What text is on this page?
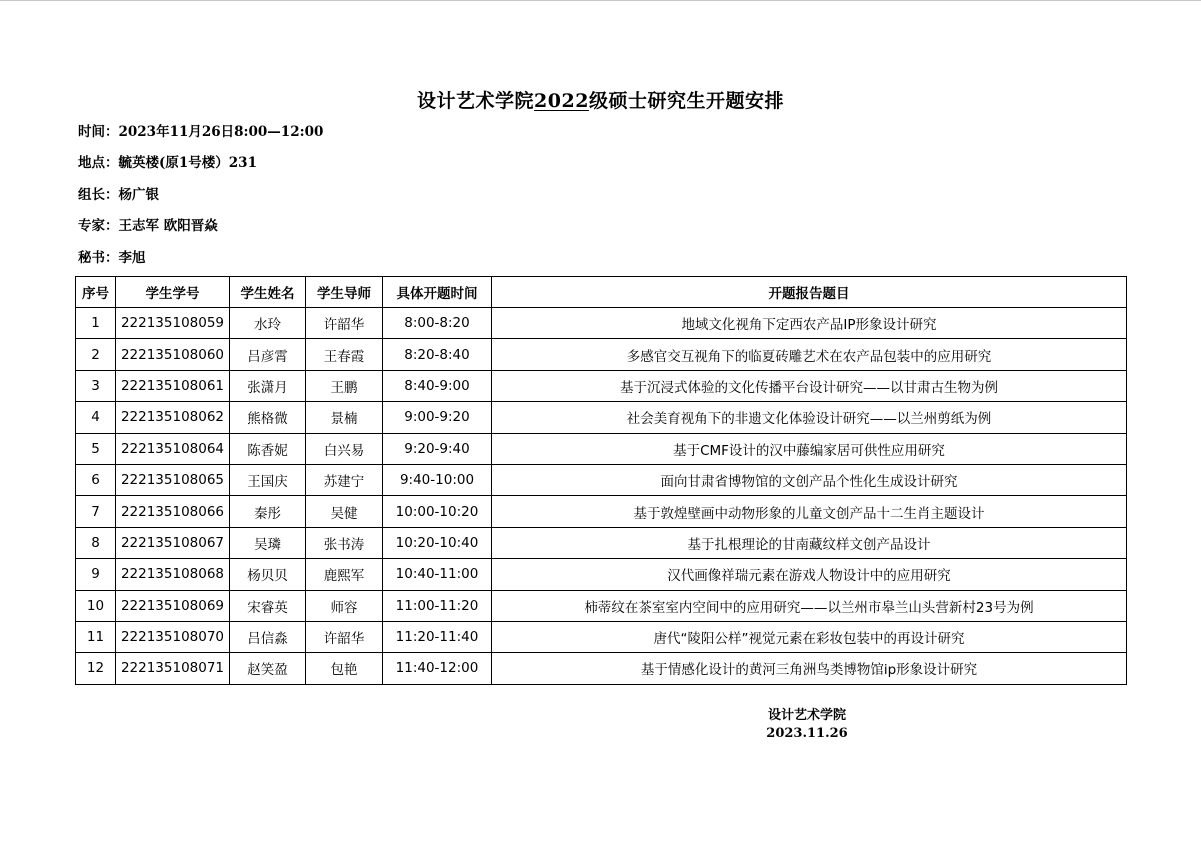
设计艺术学院2022级硕士研究生开题安排
时间：2023年11月26日8:00—12:00
地点：毓英楼(原1号楼）231
组长：杨广银
专家：王志军 欧阳晋焱
秘书：李旭
序号	学生学号	学生姓名	学生导师	具体开题时间	开题报告题目
1	222135108059	水玲	许韶华	8:00-8:20	地域文化视角下定西农产品IP形象设计研究
2	222135108060	吕彦霄	王春霞	8:20-8:40	多感官交互视角下的临夏砖雕艺术在农产品包装中的应用研究
3	222135108061	张潇月	王鹏	8:40-9:00	基于沉浸式体验的文化传播平台设计研究——以甘肃古生物为例
4	222135108062	熊格微	景楠	9:00-9:20	社会美育视角下的非遗文化体验设计研究——以兰州剪纸为例
5	222135108064	陈香妮	白兴易	9:20-9:40	基于CMF设计的汉中藤编家居可供性应用研究
6	222135108065	王国庆	苏建宁	9:40-10:00	面向甘肃省博物馆的文创产品个性化生成设计研究
7	222135108066	秦彤	吴健	10:00-10:20	基于敦煌壁画中动物形象的儿童文创产品十二生肖主题设计
8	222135108067	吴璘	张书涛	10:20-10:40	基于扎根理论的甘南藏纹样文创产品设计
9	222135108068	杨贝贝	鹿熙军	10:40-11:00	汉代画像祥瑞元素在游戏人物设计中的应用研究
10	222135108069	宋睿英	师容	11:00-11:20	柿蒂纹在茶室室内空间中的应用研究——以兰州市皋兰山头营新村23号为例
11	222135108070	吕信淼	许韶华	11:20-11:40	唐代“陵阳公样”视觉元素在彩妆包装中的再设计研究
12	222135108071	赵笑盈	包艳	11:40-12:00	基于情感化设计的黄河三角洲鸟类博物馆ip形象设计研究
设计艺术学院
2023.11.26
